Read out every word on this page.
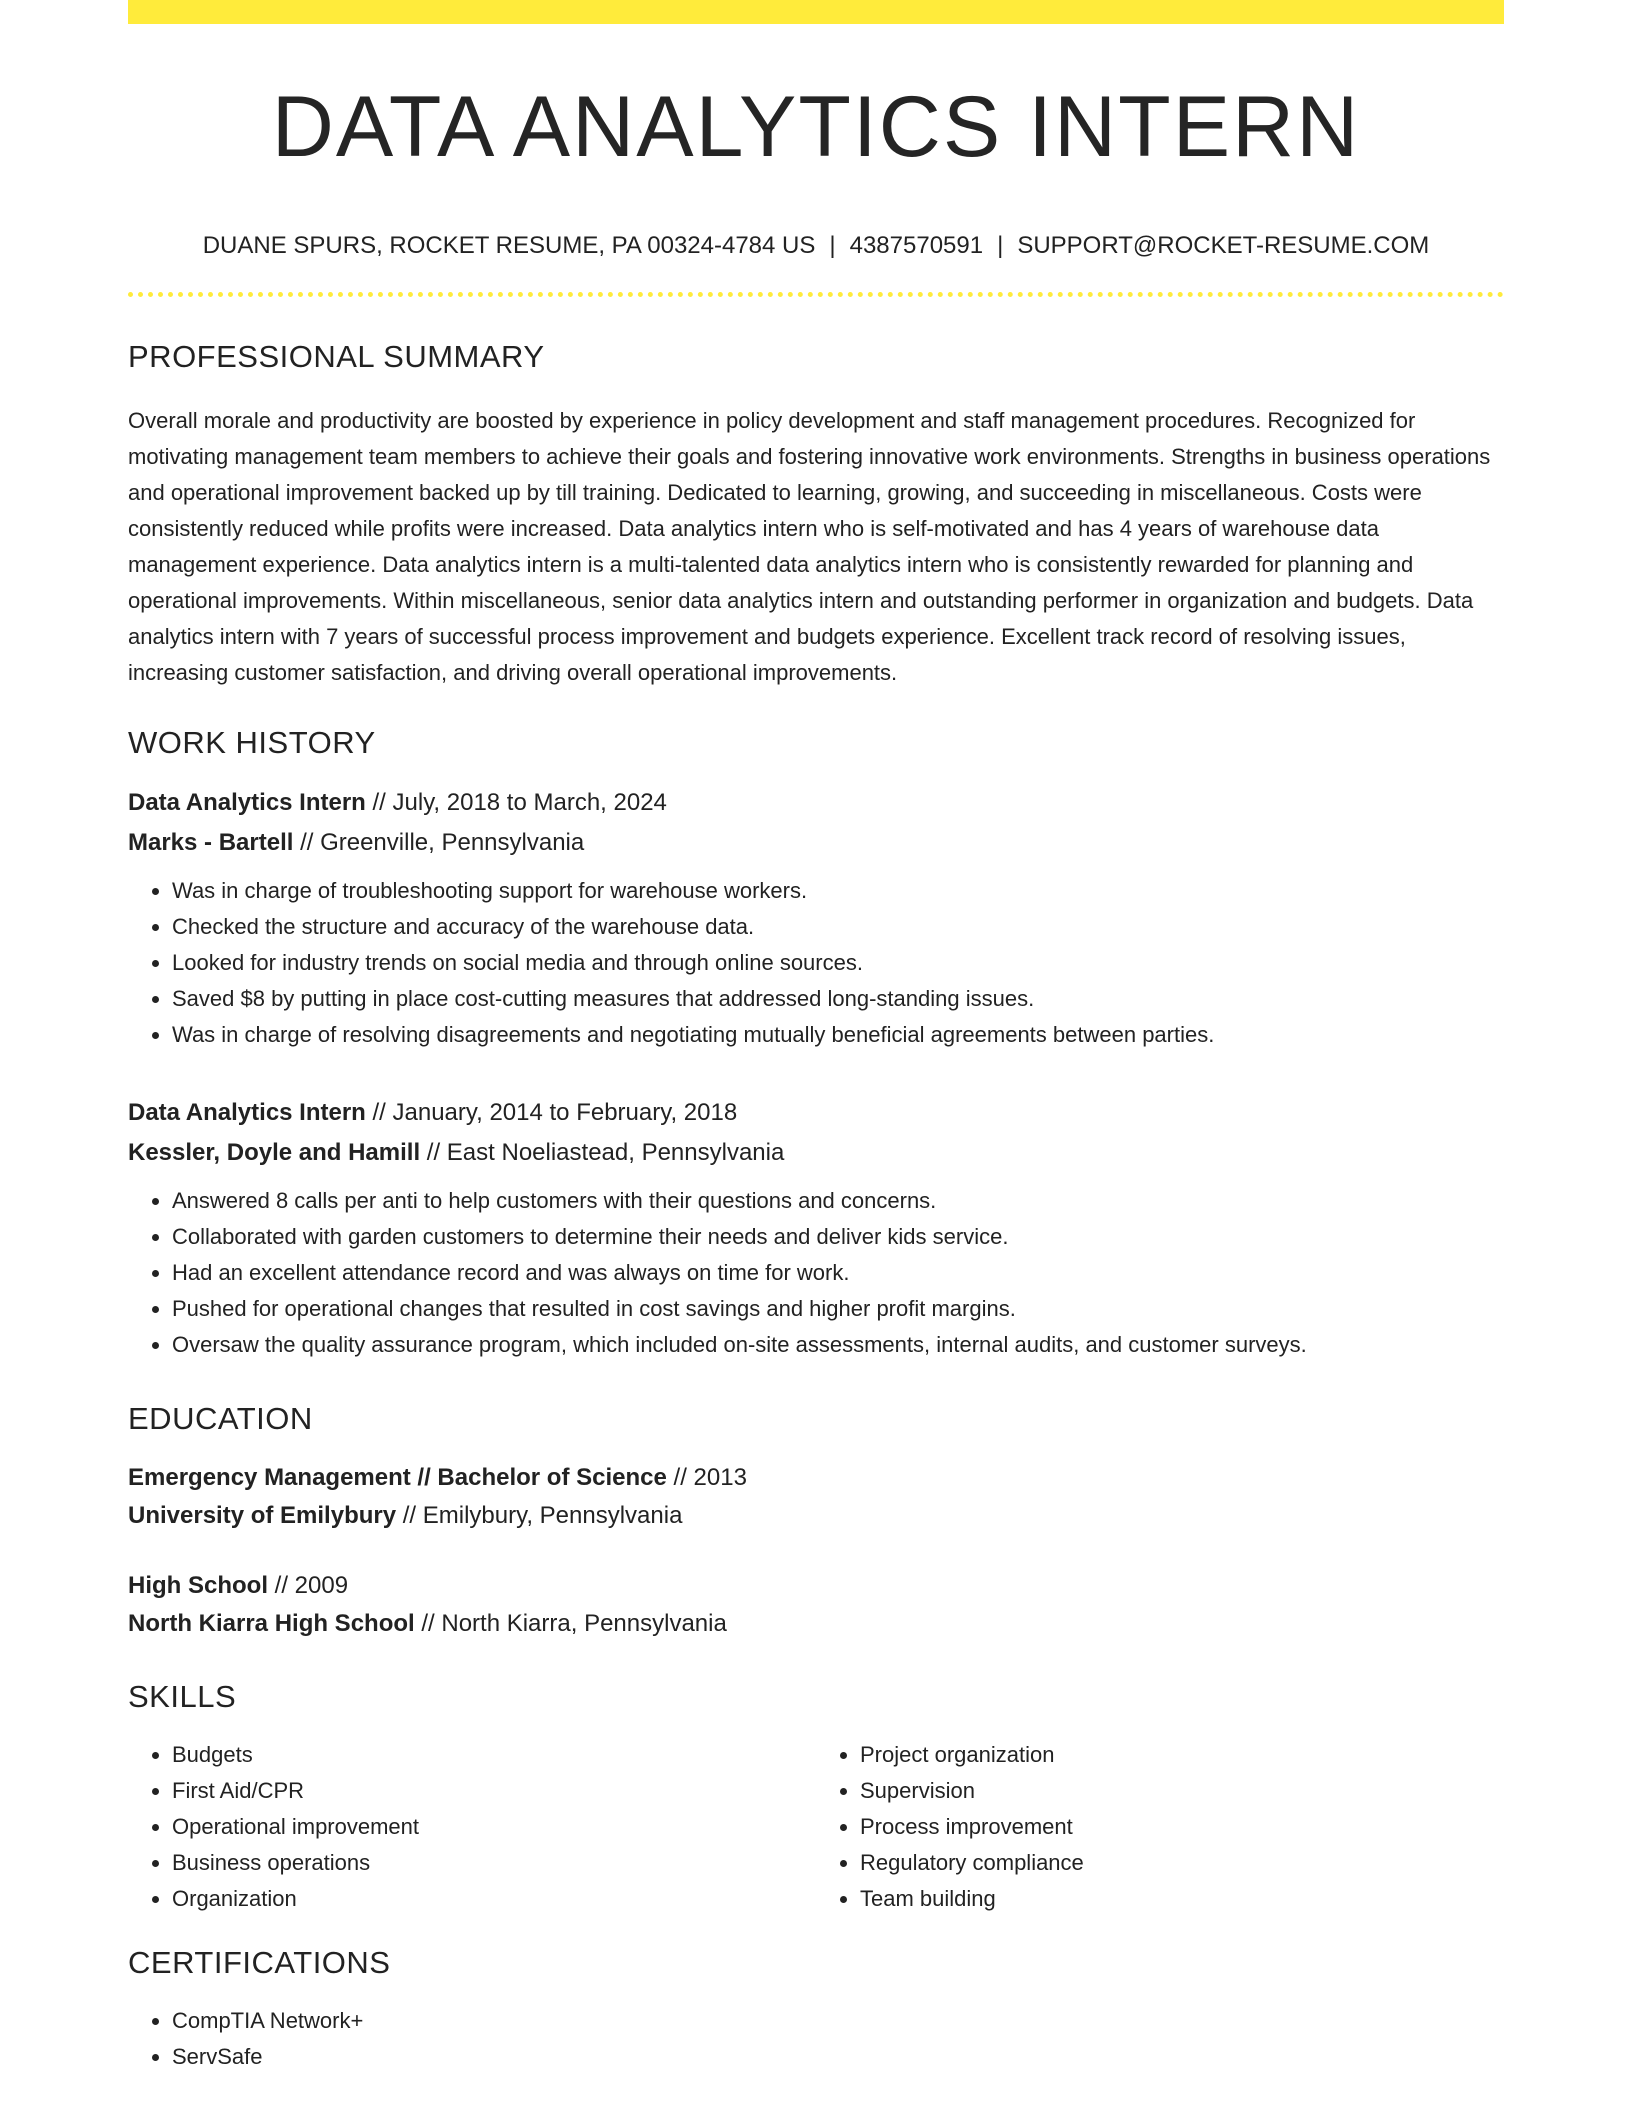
DATA ANALYTICS INTERN
DUANE SPURS, ROCKET RESUME, PA 00324-4784 US | 4387570591 | SUPPORT@ROCKET-RESUME.COM
PROFESSIONAL SUMMARY
Overall morale and productivity are boosted by experience in policy development and staff management procedures. Recognized for motivating management team members to achieve their goals and fostering innovative work environments. Strengths in business operations and operational improvement backed up by till training. Dedicated to learning, growing, and succeeding in miscellaneous. Costs were consistently reduced while profits were increased. Data analytics intern who is self-motivated and has 4 years of warehouse data management experience. Data analytics intern is a multi-talented data analytics intern who is consistently rewarded for planning and operational improvements. Within miscellaneous, senior data analytics intern and outstanding performer in organization and budgets. Data analytics intern with 7 years of successful process improvement and budgets experience. Excellent track record of resolving issues, increasing customer satisfaction, and driving overall operational improvements.
WORK HISTORY
Data Analytics Intern // July, 2018 to March, 2024
Marks - Bartell // Greenville, Pennsylvania
• Was in charge of troubleshooting support for warehouse workers.
• Checked the structure and accuracy of the warehouse data.
• Looked for industry trends on social media and through online sources.
• Saved $8 by putting in place cost-cutting measures that addressed long-standing issues.
• Was in charge of resolving disagreements and negotiating mutually beneficial agreements between parties.
Data Analytics Intern // January, 2014 to February, 2018
Kessler, Doyle and Hamill // East Noeliastead, Pennsylvania
• Answered 8 calls per anti to help customers with their questions and concerns.
• Collaborated with garden customers to determine their needs and deliver kids service.
• Had an excellent attendance record and was always on time for work.
• Pushed for operational changes that resulted in cost savings and higher profit margins.
• Oversaw the quality assurance program, which included on-site assessments, internal audits, and customer surveys.
EDUCATION
Emergency Management // Bachelor of Science // 2013
University of Emilybury // Emilybury, Pennsylvania
High School // 2009
North Kiarra High School // North Kiarra, Pennsylvania
SKILLS
• Budgets
• First Aid/CPR
• Operational improvement
• Business operations
• Organization
• Project organization
• Supervision
• Process improvement
• Regulatory compliance
• Team building
CERTIFICATIONS
• CompTIA Network+
• ServSafe
